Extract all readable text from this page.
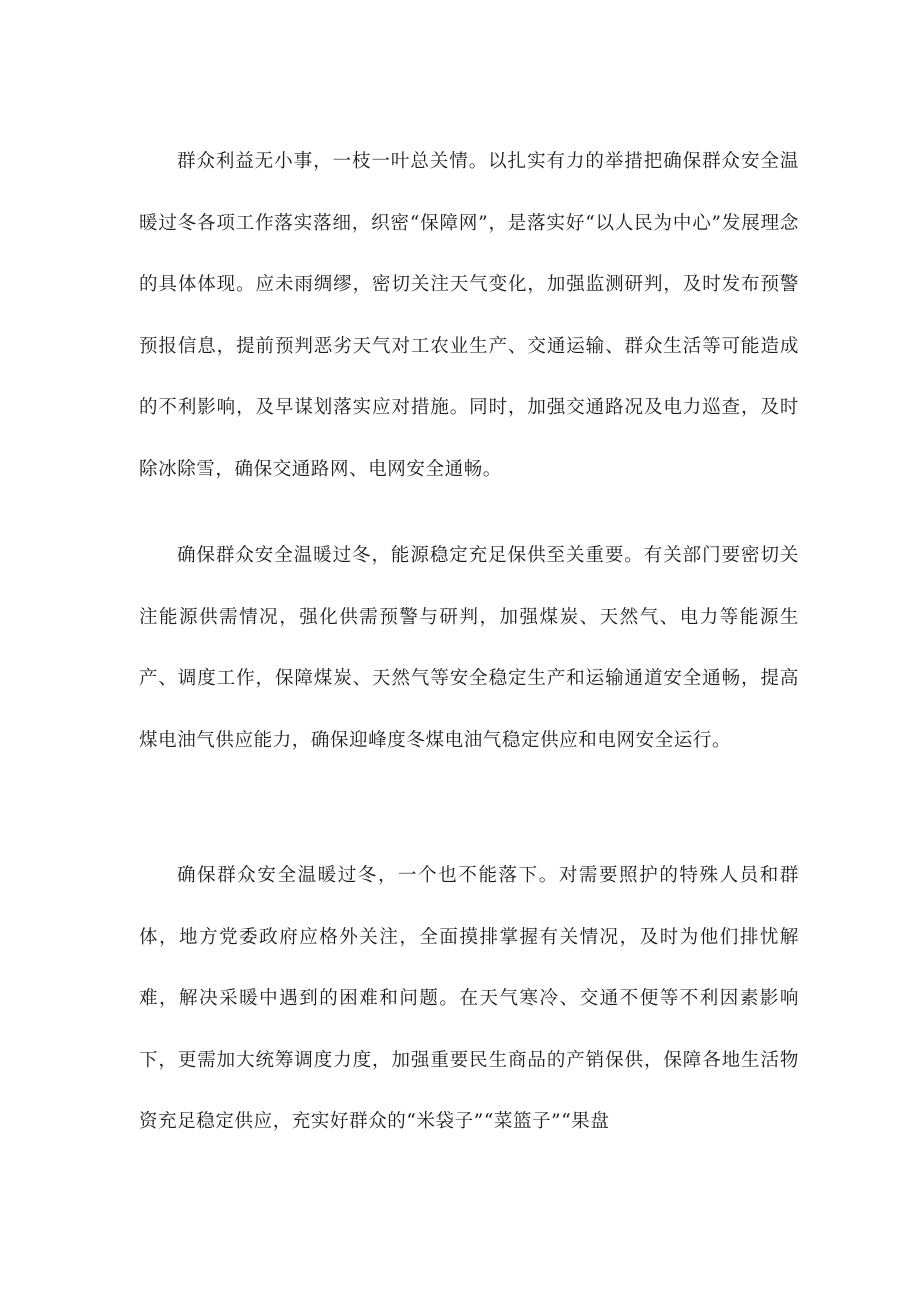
群众利益无小事，一枝一叶总关情。以扎实有力的举措把确保群众安全温暖过冬各项工作落实落细，织密“保障网”，是落实好“以人民为中心”发展理念的具体体现。应未雨绸缪，密切关注天气变化，加强监测研判，及时发布预警预报信息，提前预判恶劣天气对工农业生产、交通运输、群众生活等可能造成的不利影响，及早谋划落实应对措施。同时，加强交通路况及电力巡查，及时除冰除雪，确保交通路网、电网安全通畅。

确保群众安全温暖过冬，能源稳定充足保供至关重要。有关部门要密切关注能源供需情况，强化供需预警与研判，加强煤炭、天然气、电力等能源生产、调度工作，保障煤炭、天然气等安全稳定生产和运输通道安全通畅，提高煤电油气供应能力，确保迎峰度冬煤电油气稳定供应和电网安全运行。

确保群众安全温暖过冬，一个也不能落下。对需要照护的特殊人员和群体，地方党委政府应格外关注，全面摸排掌握有关情况，及时为他们排忧解难，解决采暖中遇到的困难和问题。在天气寒冷、交通不便等不利因素影响下，更需加大统筹调度力度，加强重要民生商品的产销保供，保障各地生活物资充足稳定供应，充实好群众的“米袋子”“菜篮子”“果盘
